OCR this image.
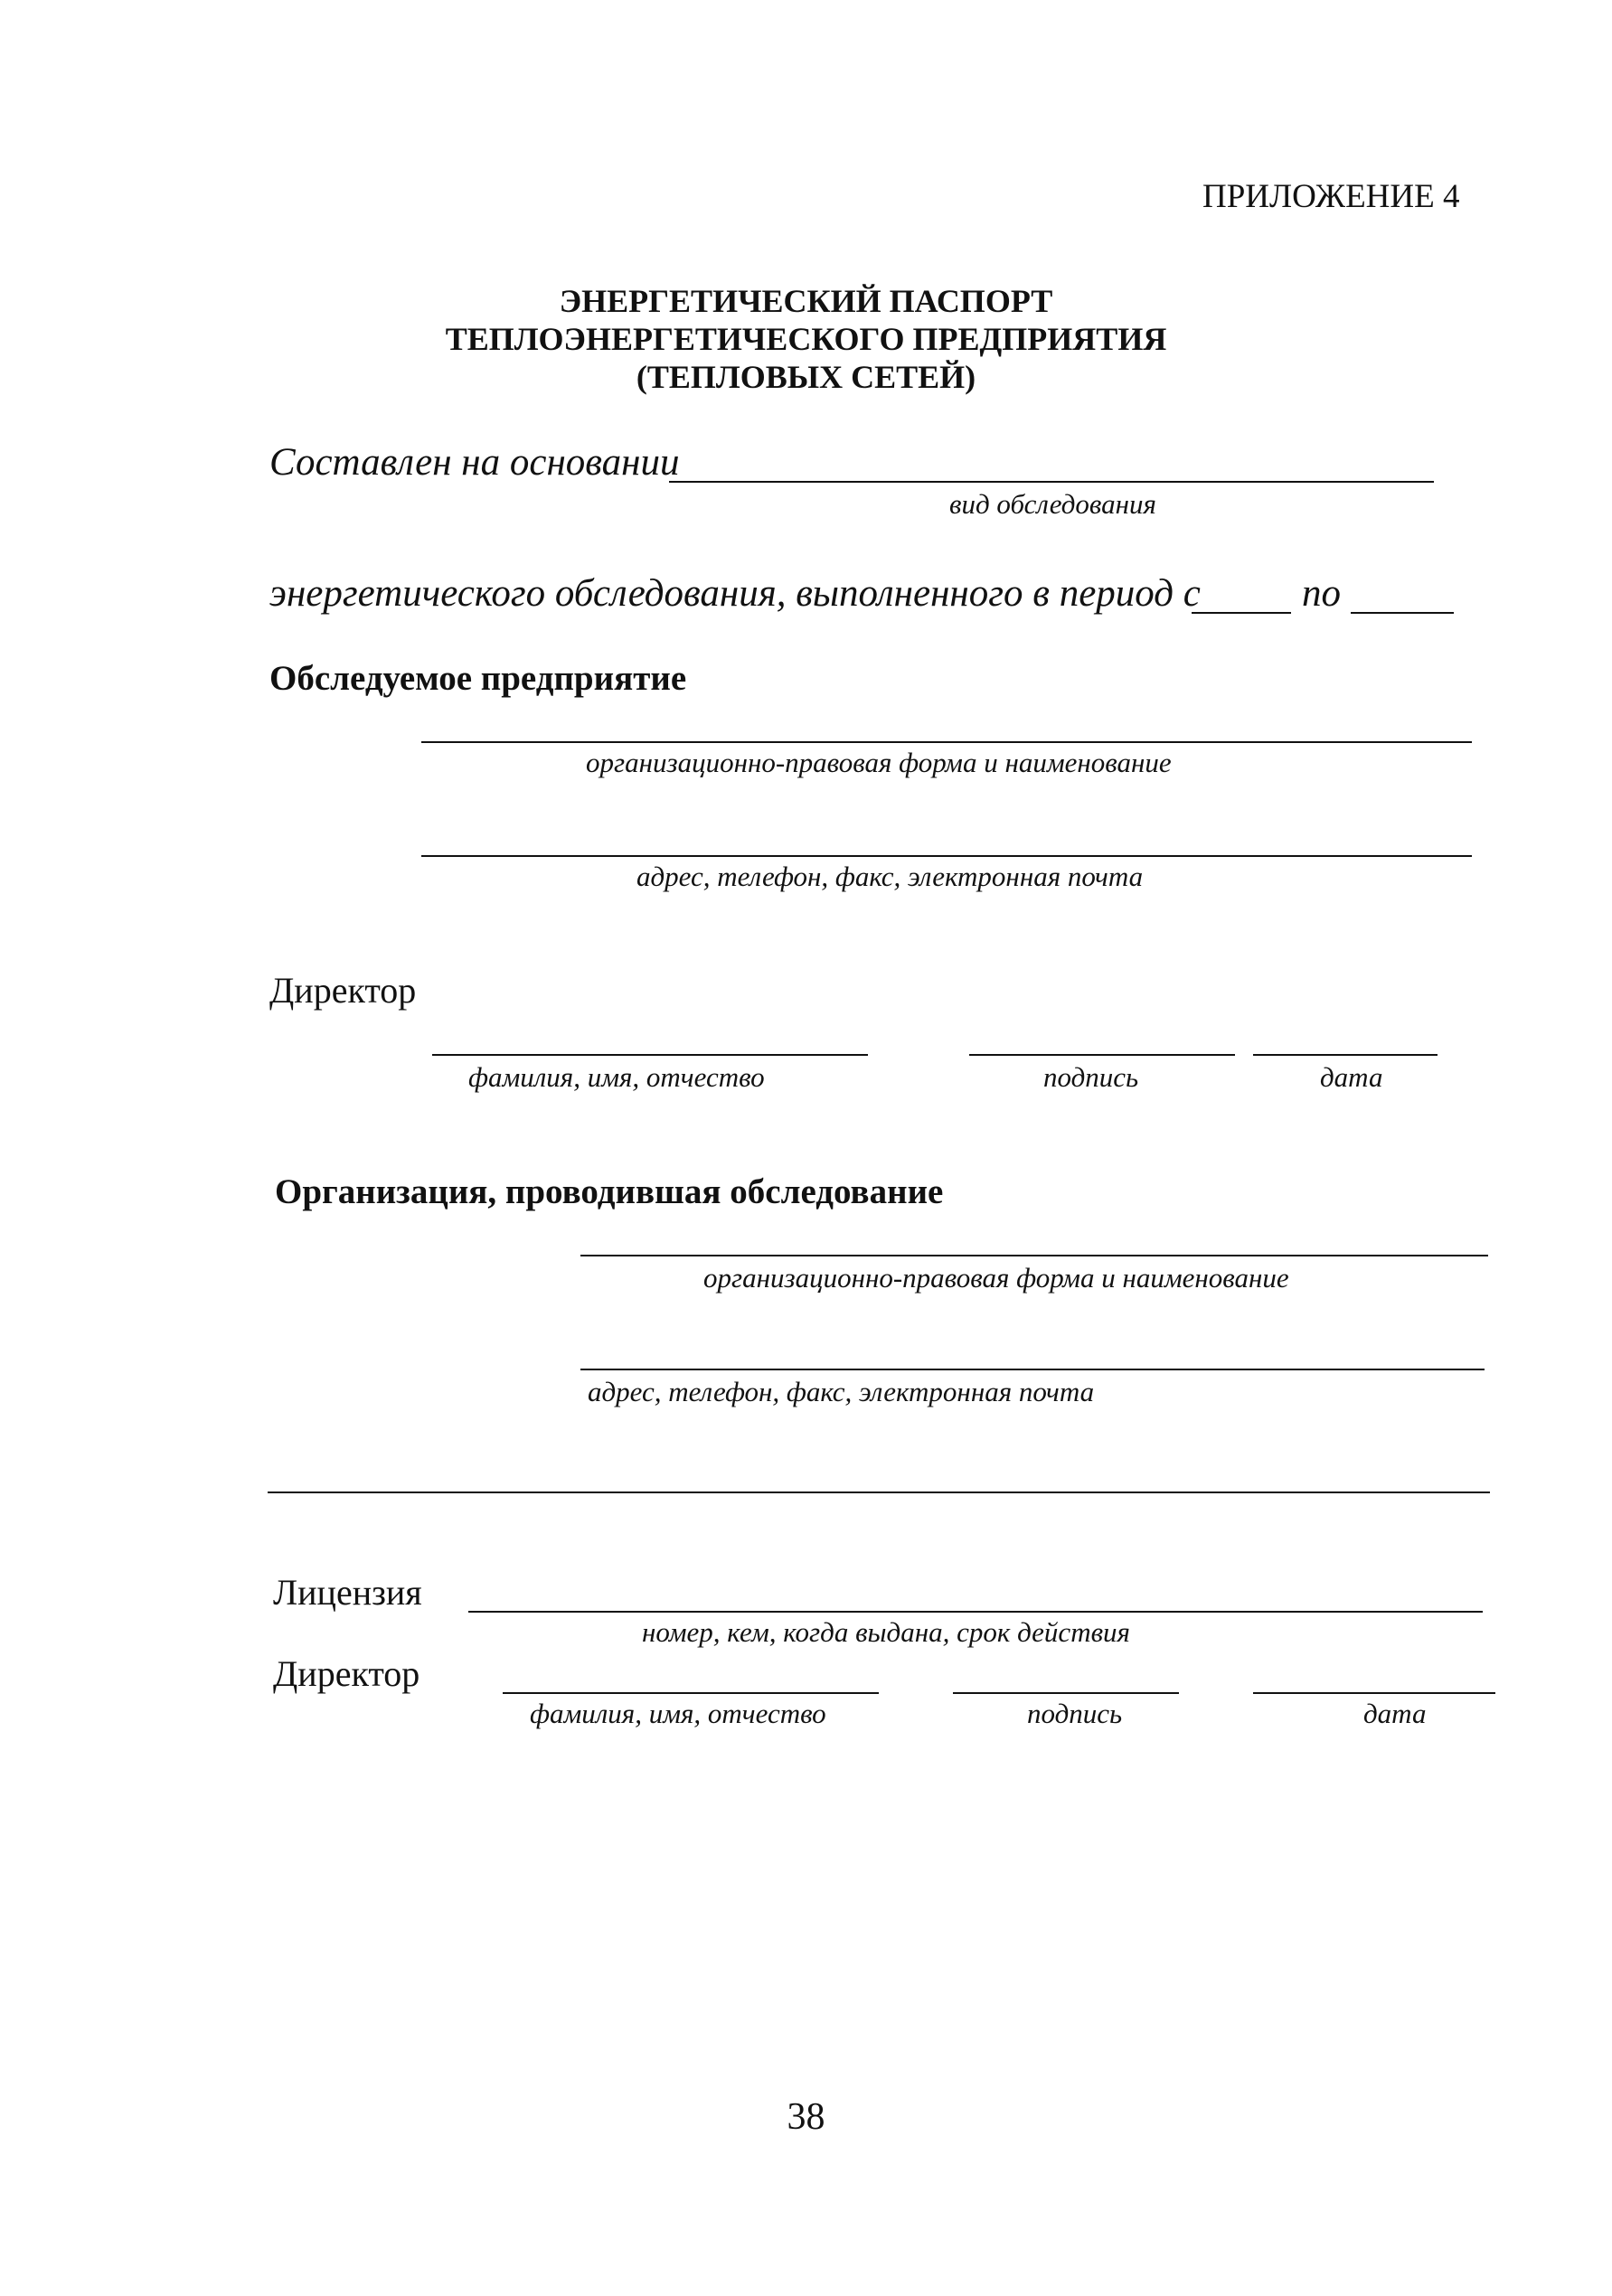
ПРИЛОЖЕНИЕ 4
ЭНЕРГЕТИЧЕСКИЙ ПАСПОРТ
ТЕПЛОЭНЕРГЕТИЧЕСКОГО ПРЕДПРИЯТИЯ
(ТЕПЛОВЫХ СЕТЕЙ)
Составлен на основании
вид обследования
энергетического обследования, выполненного в период с	по
Обследуемое предприятие
организационно-правовая форма и наименование
адрес, телефон, факс, электронная почта
Директор
фамилия, имя, отчество	подпись	дата
Организация, проводившая обследование
организационно-правовая форма и наименование
адрес, телефон, факс, электронная почта
Лицензия
номер, кем, когда выдана, срок действия
Директор
фамилия, имя, отчество	подпись	дата
38
